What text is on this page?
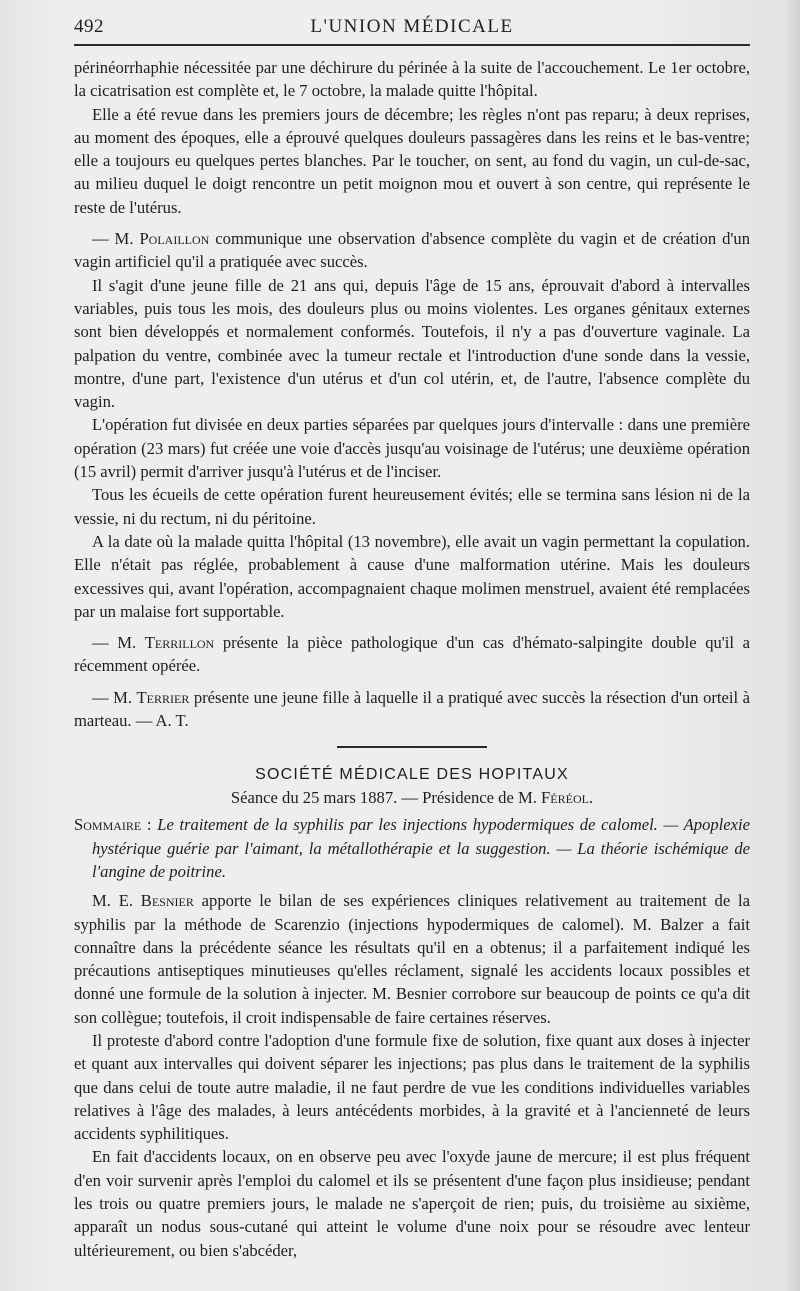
492	L'UNION MÉDICALE

périnéorrhaphie nécessitée par une déchirure du périnée à la suite de l'accouchement. Le 1er octobre, la cicatrisation est complète et, le 7 octobre, la malade quitte l'hôpital.

Elle a été revue dans les premiers jours de décembre; les règles n'ont pas reparu; à deux reprises, au moment des époques, elle a éprouvé quelques douleurs passagères dans les reins et le bas-ventre; elle a toujours eu quelques pertes blanches. Par le toucher, on sent, au fond du vagin, un cul-de-sac, au milieu duquel le doigt rencontre un petit moignon mou et ouvert à son centre, qui représente le reste de l'utérus.

— M. Polaillon communique une observation d'absence complète du vagin et de création d'un vagin artificiel qu'il a pratiquée avec succès.

Il s'agit d'une jeune fille de 21 ans qui, depuis l'âge de 15 ans, éprouvait d'abord à intervalles variables, puis tous les mois, des douleurs plus ou moins violentes. Les organes génitaux externes sont bien développés et normalement conformés. Toutefois, il n'y a pas d'ouverture vaginale. La palpation du ventre, combinée avec la tumeur rectale et l'introduction d'une sonde dans la vessie, montre, d'une part, l'existence d'un utérus et d'un col utérin, et, de l'autre, l'absence complète du vagin.

L'opération fut divisée en deux parties séparées par quelques jours d'intervalle : dans une première opération (23 mars) fut créée une voie d'accès jusqu'au voisinage de l'utérus; une deuxième opération (15 avril) permit d'arriver jusqu'à l'utérus et de l'inciser.

Tous les écueils de cette opération furent heureusement évités; elle se termina sans lésion ni de la vessie, ni du rectum, ni du péritoine.

A la date où la malade quitta l'hôpital (13 novembre), elle avait un vagin permettant la copulation. Elle n'était pas réglée, probablement à cause d'une malformation utérine. Mais les douleurs excessives qui, avant l'opération, accompagnaient chaque molimen menstruel, avaient été remplacées par un malaise fort supportable.

— M. Terrillon présente la pièce pathologique d'un cas d'hémato-salpingite double qu'il a récemment opérée.

— M. Terrier présente une jeune fille à laquelle il a pratiqué avec succès la résection d'un orteil à marteau. — A. T.

SOCIÉTÉ MÉDICALE DES HOPITAUX
Séance du 25 mars 1887. — Présidence de M. Féréol.
Sommaire : Le traitement de la syphilis par les injections hypodermiques de calomel. — Apoplexie hystérique guérie par l'aimant, la métallothérapie et la suggestion. — La théorie ischémique de l'angine de poitrine.

M. E. Besnier apporte le bilan de ses expériences cliniques relativement au traitement de la syphilis par la méthode de Scarenzio (injections hypodermiques de calomel). M. Balzer a fait connaître dans la précédente séance les résultats qu'il en a obtenus; il a parfaitement indiqué les précautions antiseptiques minutieuses qu'elles réclament, signalé les accidents locaux possibles et donné une formule de la solution à injecter. M. Besnier corrobore sur beaucoup de points ce qu'a dit son collègue; toutefois, il croit indispensable de faire certaines réserves.

Il proteste d'abord contre l'adoption d'une formule fixe de solution, fixe quant aux doses à injecter et quant aux intervalles qui doivent séparer les injections; pas plus dans le traitement de la syphilis que dans celui de toute autre maladie, il ne faut perdre de vue les conditions individuelles variables relatives à l'âge des malades, à leurs antécédents morbides, à la gravité et à l'ancienneté de leurs accidents syphilitiques.

En fait d'accidents locaux, on en observe peu avec l'oxyde jaune de mercure; il est plus fréquent d'en voir survenir après l'emploi du calomel et ils se présentent d'une façon plus insidieuse; pendant les trois ou quatre premiers jours, le malade ne s'aperçoit de rien; puis, du troisième au sixième, apparaît un nodus sous-cutané qui atteint le volume d'une noix pour se résoudre avec lenteur ultérieurement, ou bien s'abcéder,
